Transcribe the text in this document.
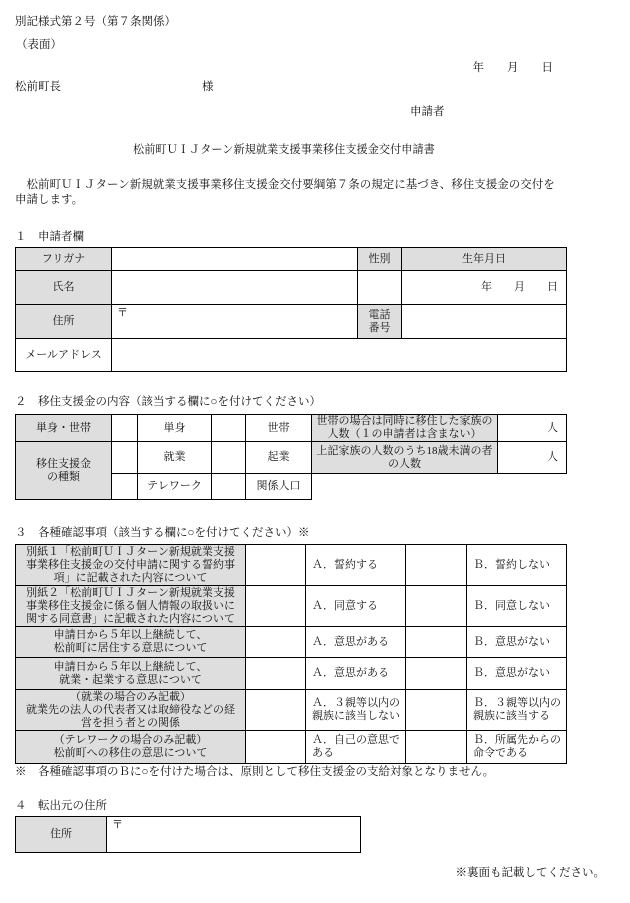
別記様式第２号（第７条関係）
（表面）
年　　月　　日
松前町長	様
申請者
松前町ＵＩＪターン新規就業支援事業移住支援金交付申請書
　松前町ＵＩＪターン新規就業支援事業移住支援金交付要綱第７条の規定に基づき、移住支援金の交付を
申請します。
１　申請者欄
フリガナ		性別	生年月日
氏名			年　　月　　日
住所	〒	電話
番号	

メールアドレス			
２　移住支援金の内容（該当する欄に○を付けてください）
単身・世帯		単身		世帯	世帯の場合は同時に移住した家族の
人数（１の申請者は含まない）	人

移住支援金
の種類		就業		起業	上記家族の人数のうち18歳未満の者
の人数	人
		テレワーク		関係人口		
３　各種確認事項（該当する欄に○を付けてください）※
別紙１「松前町ＵＩＪターン新規就業支援
事業移住支援金の交付申請に関する誓約事
項」に記載された内容について		Ａ．誓約する		Ｂ．誓約しない

別紙２「松前町ＵＩＪターン新規就業支援
事業移住支援金に係る個人情報の取扱いに
関する同意書」に記載された内容について		Ａ．同意する		Ｂ．同意しない

申請日から５年以上継続して、
松前町に居住する意思について		Ａ．意思がある		Ｂ．意思がない

申請日から５年以上継続して、
就業・起業する意思について		Ａ．意思がある		Ｂ．意思がない

（就業の場合のみ記載）
就業先の法人の代表者又は取締役などの経
営を担う者との関係		Ａ．３親等以内の
親族に該当しない		Ｂ．３親等以内の
親族に該当する

（テレワークの場合のみ記載）
松前町への移住の意思について		Ａ．自己の意思で
ある		Ｂ．所属先からの
命令である
※　各種確認事項のＢに○を付けた場合は、原則として移住支援金の支給対象となりません。
４　転出元の住所
住所	〒
※裏面も記載してください。
